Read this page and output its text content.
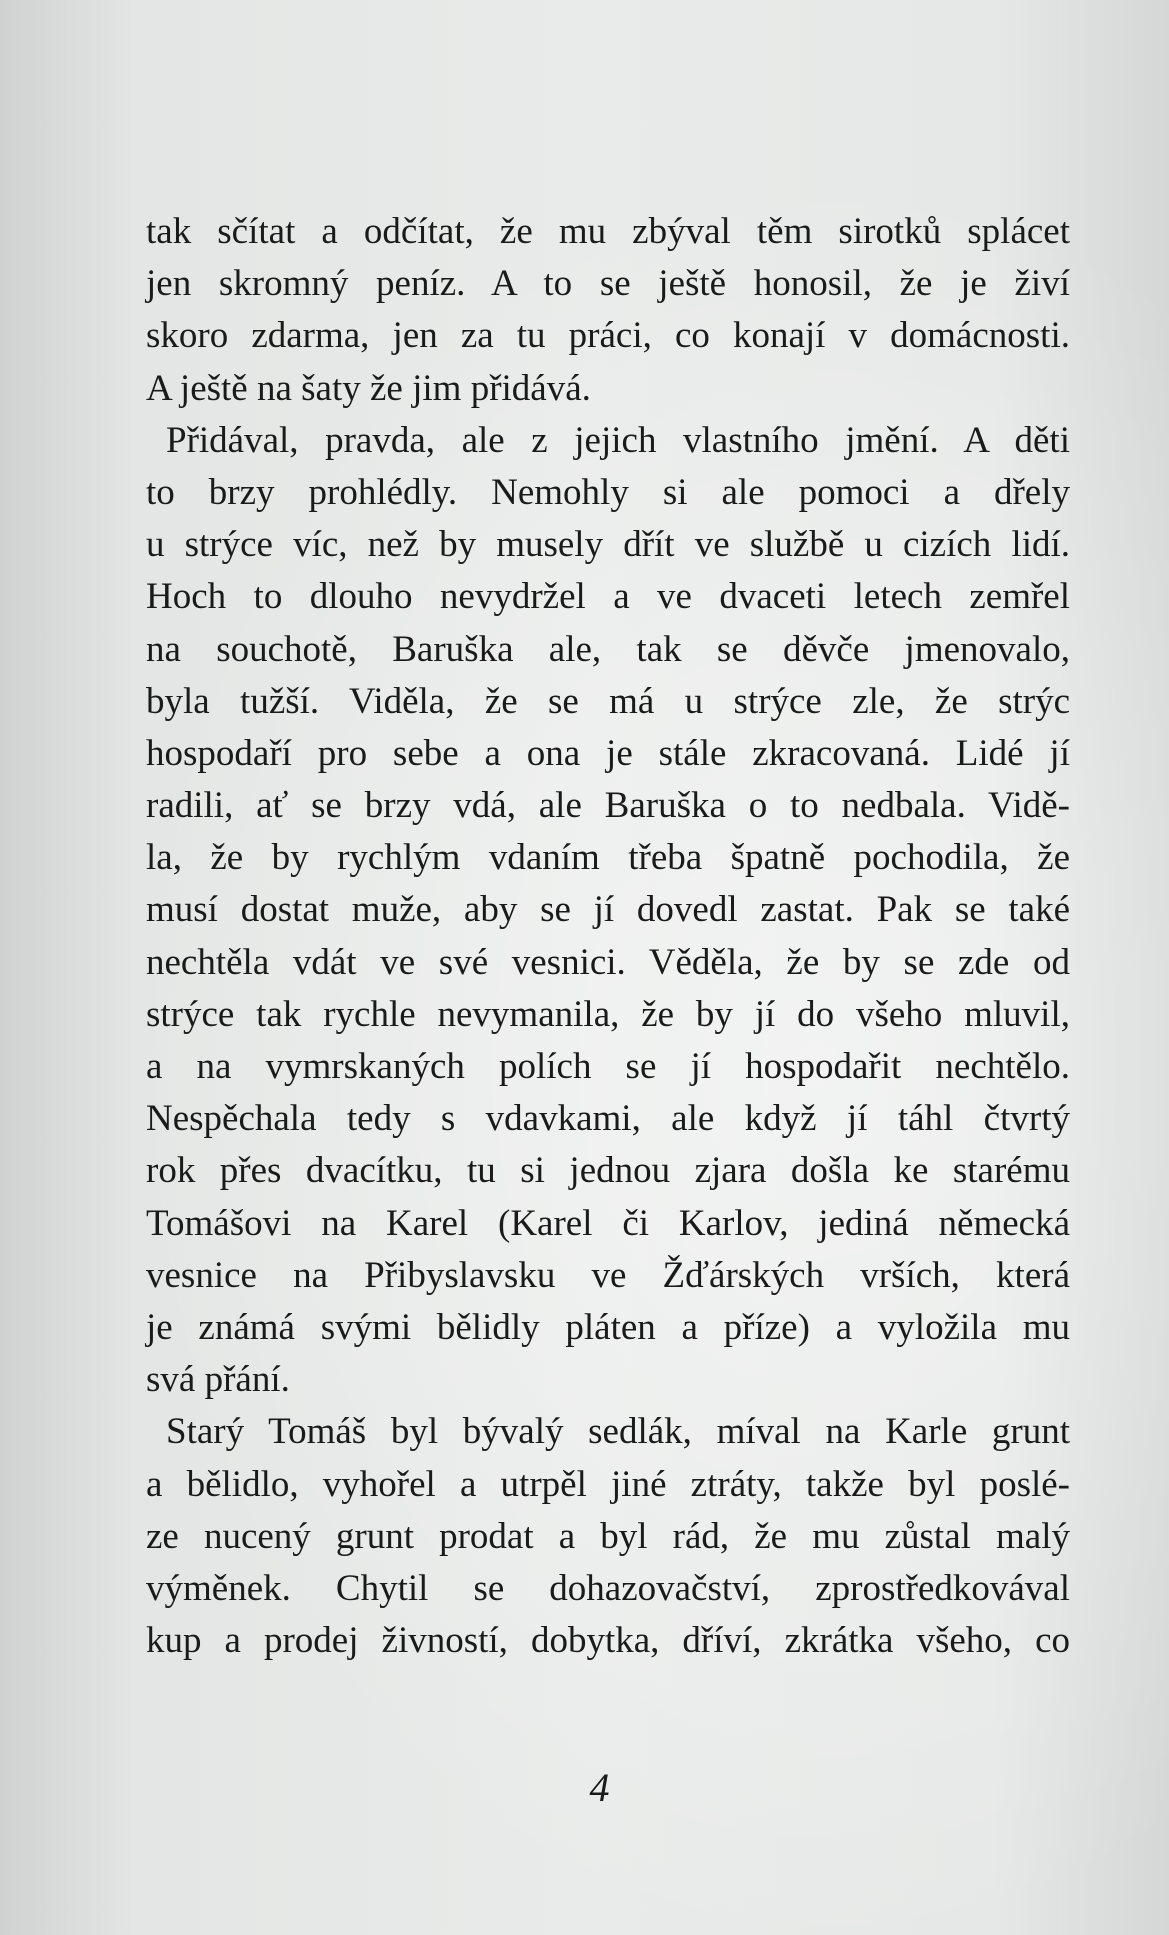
tak sčítat a odčítat, že mu zbýval těm sirotků splácet
jen skromný peníz. A to se ještě honosil, že je živí
skoro zdarma, jen za tu práci, co konají v domácnosti.
A ještě na šaty že jim přidává.

Přidával, pravda, ale z jejich vlastního jmění. A děti
to brzy prohlédly. Nemohly si ale pomoci a dřely
u strýce víc, než by musely dřít ve službě u cizích lidí.
Hoch to dlouho nevydržel a ve dvaceti letech zemřel
na souchotě, Baruška ale, tak se děvče jmenovalo,
byla tužší. Viděla, že se má u strýce zle, že strýc
hospodaří pro sebe a ona je stále zkracovaná. Lidé jí
radili, ať se brzy vdá, ale Baruška o to nedbala. Vidě-
la, že by rychlým vdaním třeba špatně pochodila, že
musí dostat muže, aby se jí dovedl zastat. Pak se také
nechtěla vdát ve své vesnici. Věděla, že by se zde od
strýce tak rychle nevymanila, že by jí do všeho mluvil,
a na vymrskaných polích se jí hospodařit nechtělo.
Nespěchala tedy s vdavkami, ale když jí táhl čtvrtý
rok přes dvacítku, tu si jednou zjara došla ke starému
Tomášovi na Karel (Karel či Karlov, jediná německá
vesnice na Přibyslavsku ve Žďárských vrších, která
je známá svými bělidly pláten a příze) a vyložila mu
svá přání.

Starý Tomáš byl bývalý sedlák, míval na Karle grunt
a bělidlo, vyhořel a utrpěl jiné ztráty, takže byl poslé-
ze nucený grunt prodat a byl rád, že mu zůstal malý
výměnek. Chytil se dohazovačství, zprostředkovával
kup a prodej živností, dobytka, dříví, zkrátka všeho, co

4
